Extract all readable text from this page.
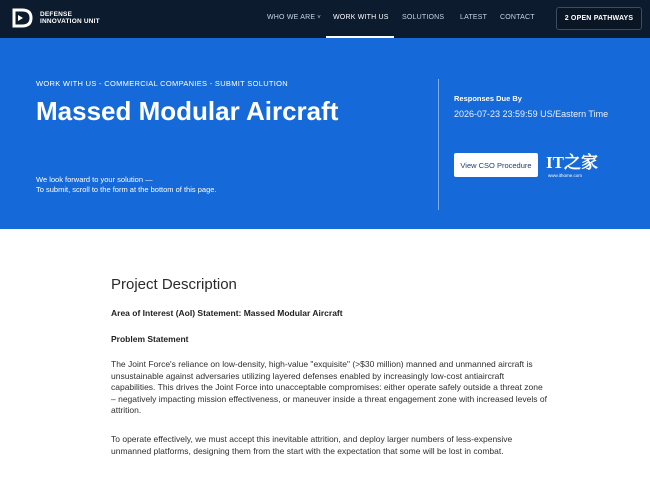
DEFENSE
INNOVATION UNIT
WHO WE ARE ˅ WORK WITH US SOLUTIONS LATEST CONTACT	2 OPEN PATHWAYS
WORK WITH US - COMMERCIAL COMPANIES - SUBMIT SOLUTION
Massed Modular Aircraft
We look forward to your solution —
To submit, scroll to the form at the bottom of this page.
Responses Due By
2026-07-23 23:59:59 US/Eastern Time
View CSO Procedure IT之家
www.ithome.com
Project Description
Area of Interest (AoI) Statement: Massed Modular Aircraft
Problem Statement
The Joint Force's reliance on low-density, high-value "exquisite" (>$30 million) manned and unmanned aircraft is unsustainable against adversaries utilizing layered defenses enabled by increasingly low-cost antiaircraft capabilities. This drives the Joint Force into unacceptable compromises: either operate safely outside a threat zone – negatively impacting mission effectiveness, or maneuver inside a threat engagement zone with increased levels of attrition.
To operate effectively, we must accept this inevitable attrition, and deploy larger numbers of less-expensive unmanned platforms, designing them from the start with the expectation that some will be lost in combat.
